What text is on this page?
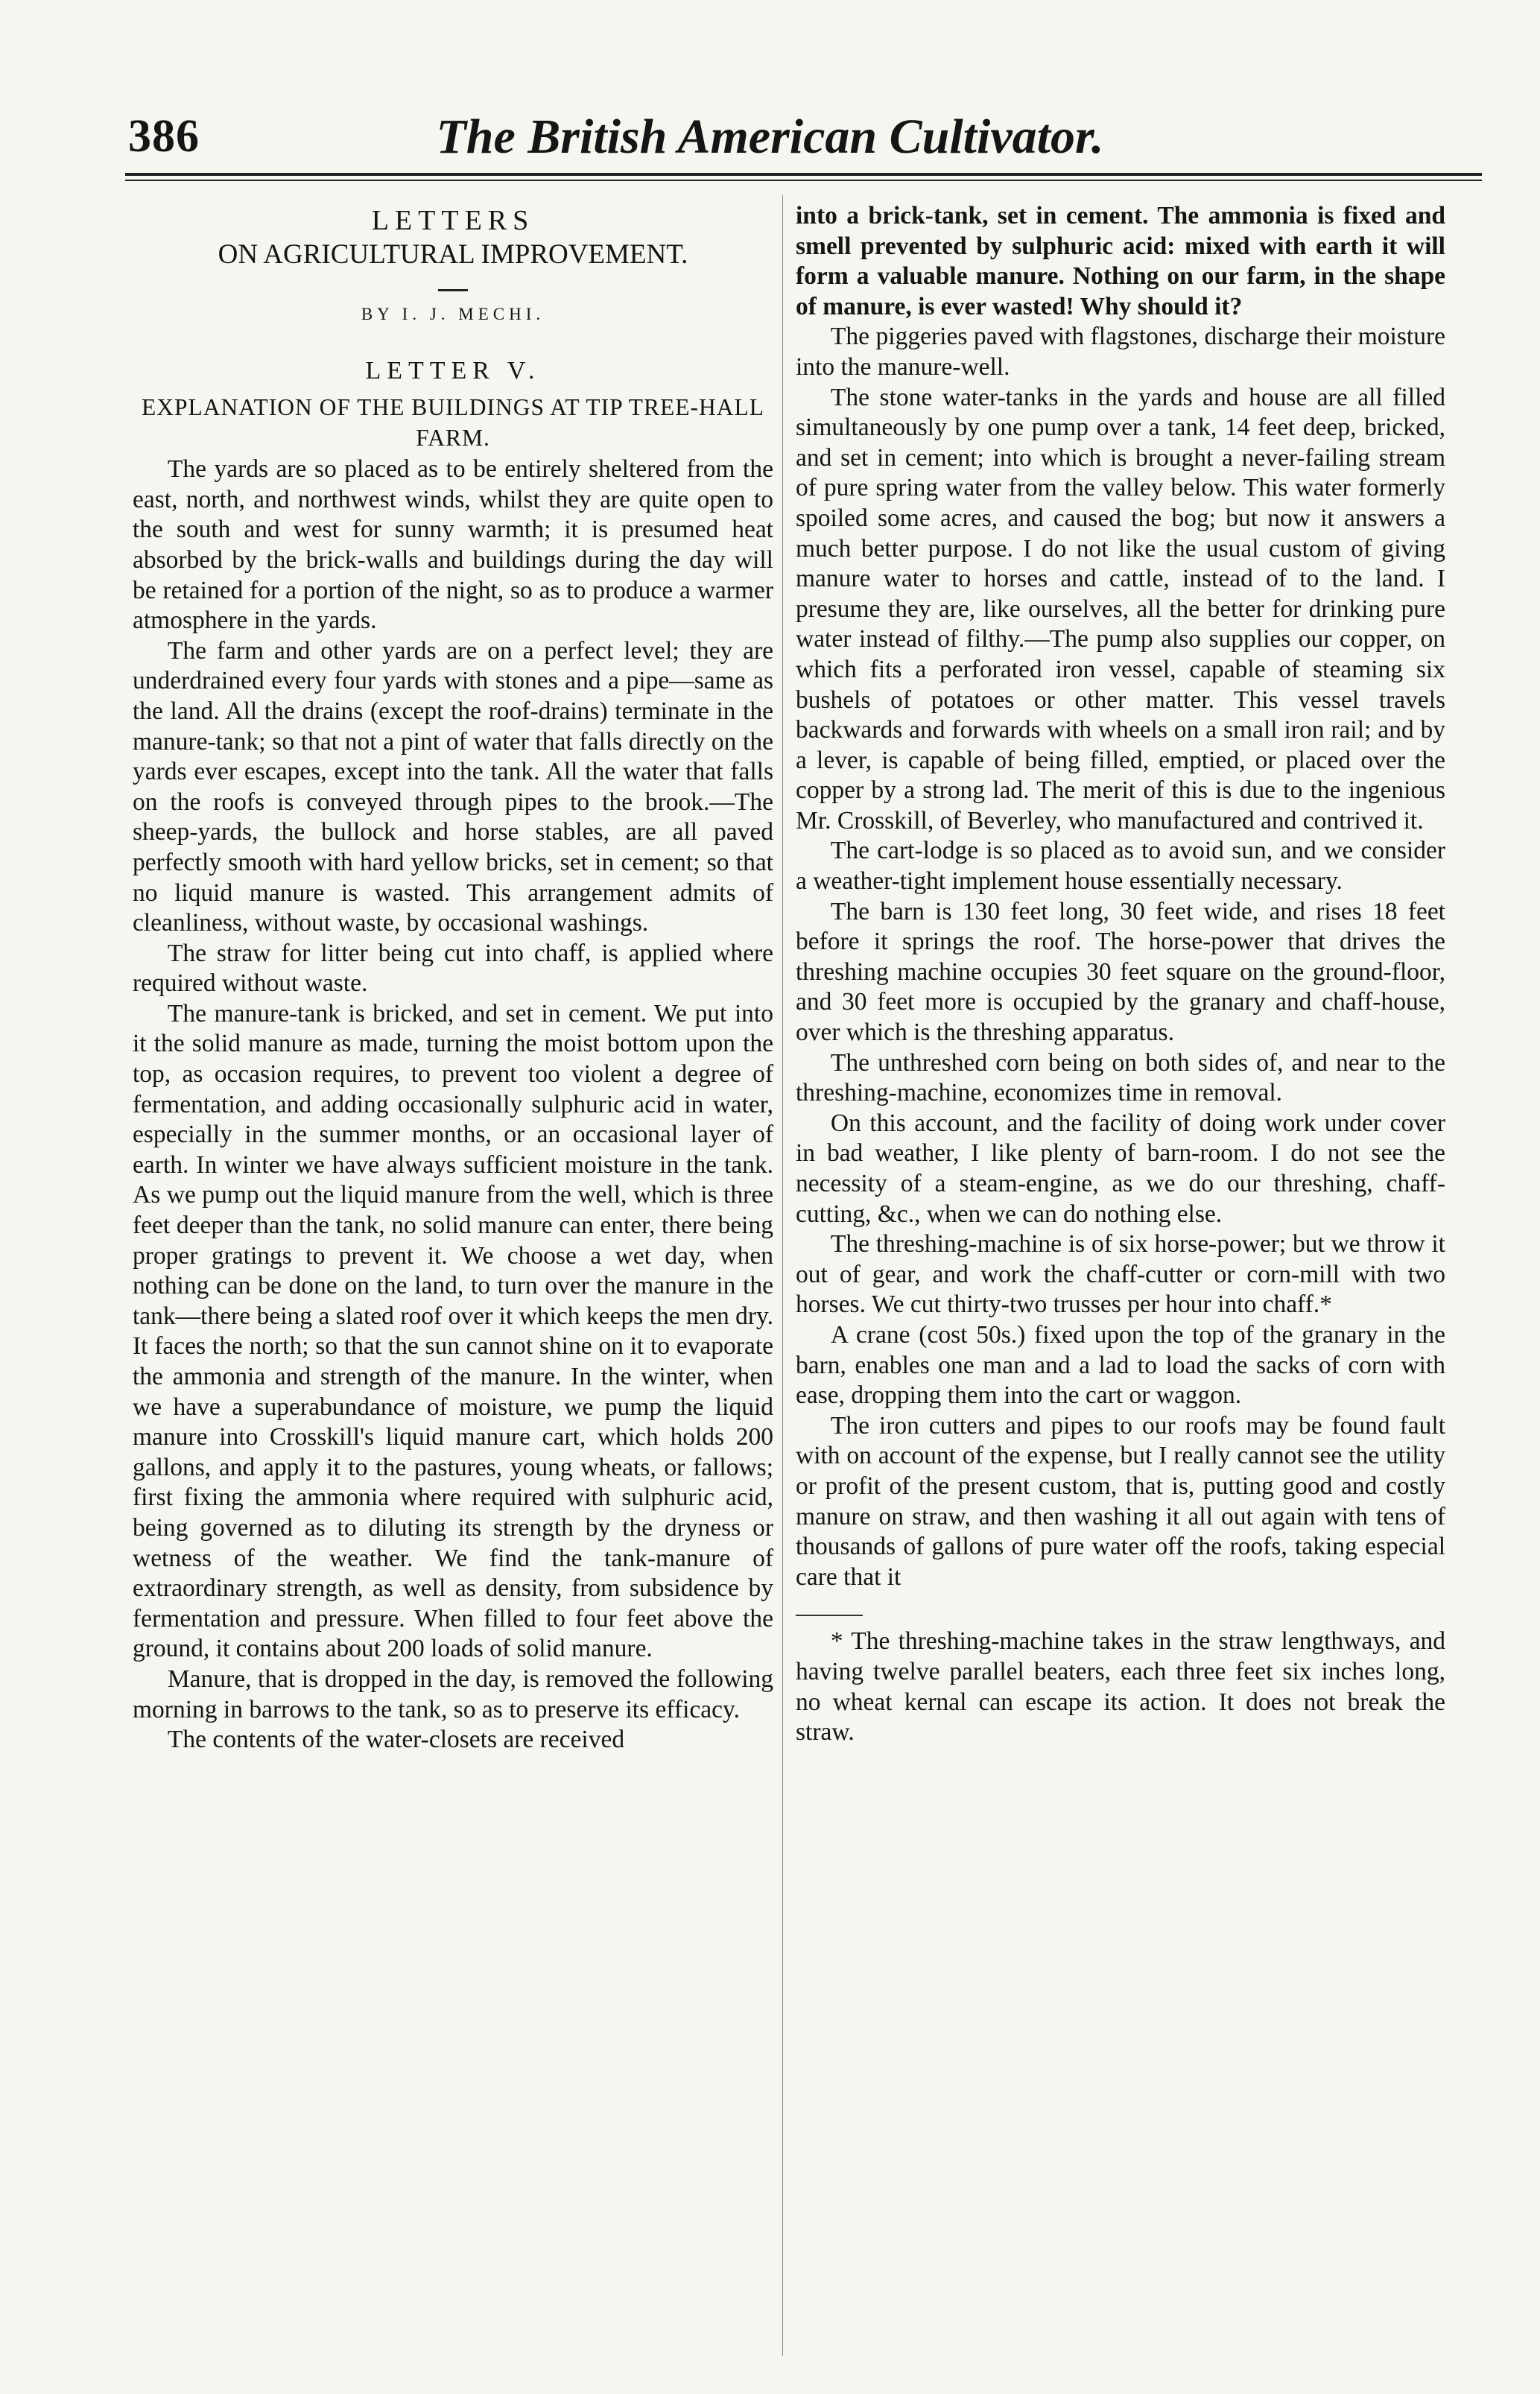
386	The British American Cultivator.
LETTERS
ON AGRICULTURAL IMPROVEMENT.
BY I. J. MECHI.
LETTER V.
EXPLANATION OF THE BUILDINGS AT TIP TREE-HALL FARM.

The yards are so placed as to be entirely sheltered from the east, north, and northwest winds, whilst they are quite open to the south and west for sunny warmth; it is presumed heat absorbed by the brick-walls and buildings during the day will be retained for a portion of the night, so as to produce a warmer atmosphere in the yards.

The farm and other yards are on a perfect level; they are underdrained every four yards with stones and a pipe—same as the land. All the drains (except the roof-drains) terminate in the manure-tank; so that not a pint of water that falls directly on the yards ever escapes, except into the tank. All the water that falls on the roofs is conveyed through pipes to the brook.—The sheep-yards, the bullock and horse stables, are all paved perfectly smooth with hard yellow bricks, set in cement; so that no liquid manure is wasted. This arrangement admits of cleanliness, without waste, by occasional washings.

The straw for litter being cut into chaff, is applied where required without waste.

The manure-tank is bricked, and set in cement. We put into it the solid manure as made, turning the moist bottom upon the top, as occasion requires, to prevent too violent a degree of fermentation, and adding occasionally sulphuric acid in water, especially in the summer months, or an occasional layer of earth. In winter we have always sufficient moisture in the tank. As we pump out the liquid manure from the well, which is three feet deeper than the tank, no solid manure can enter, there being proper gratings to prevent it. We choose a wet day, when nothing can be done on the land, to turn over the manure in the tank—there being a slated roof over it which keeps the men dry. It faces the north; so that the sun cannot shine on it to evaporate the ammonia and strength of the manure. In the winter, when we have a superabundance of moisture, we pump the liquid manure into Crosskill's liquid manure cart, which holds 200 gallons, and apply it to the pastures, young wheats, or fallows; first fixing the ammonia where required with sulphuric acid, being governed as to diluting its strength by the dryness or wetness of the weather. We find the tank-manure of extraordinary strength, as well as density, from subsidence by fermentation and pressure. When filled to four feet above the ground, it contains about 200 loads of solid manure.

Manure, that is dropped in the day, is removed the following morning in barrows to the tank, so as to preserve its efficacy.

The contents of the water-closets are received

into a brick-tank, set in cement. The ammonia is fixed and smell prevented by sulphuric acid: mixed with earth it will form a valuable manure. Nothing on our farm, in the shape of manure, is ever wasted! Why should it?

The piggeries paved with flagstones, discharge their moisture into the manure-well.

The stone water-tanks in the yards and house are all filled simultaneously by one pump over a tank, 14 feet deep, bricked, and set in cement; into which is brought a never-failing stream of pure spring water from the valley below. This water formerly spoiled some acres, and caused the bog; but now it answers a much better purpose. I do not like the usual custom of giving manure water to horses and cattle, instead of to the land. I presume they are, like ourselves, all the better for drinking pure water instead of filthy.—The pump also supplies our copper, on which fits a perforated iron vessel, capable of steaming six bushels of potatoes or other matter. This vessel travels backwards and forwards with wheels on a small iron rail; and by a lever, is capable of being filled, emptied, or placed over the copper by a strong lad. The merit of this is due to the ingenious Mr. Crosskill, of Beverley, who manufactured and contrived it.

The cart-lodge is so placed as to avoid sun, and we consider a weather-tight implement house essentially necessary.

The barn is 130 feet long, 30 feet wide, and rises 18 feet before it springs the roof. The horse-power that drives the threshing machine occupies 30 feet square on the ground-floor, and 30 feet more is occupied by the granary and chaff-house, over which is the threshing apparatus.

The unthreshed corn being on both sides of, and near to the threshing-machine, economizes time in removal.

On this account, and the facility of doing work under cover in bad weather, I like plenty of barn-room. I do not see the necessity of a steam-engine, as we do our threshing, chaff-cutting, &c., when we can do nothing else.

The threshing-machine is of six horse-power; but we throw it out of gear, and work the chaff-cutter or corn-mill with two horses. We cut thirty-two trusses per hour into chaff.*

A crane (cost 50s.) fixed upon the top of the granary in the barn, enables one man and a lad to load the sacks of corn with ease, dropping them into the cart or waggon.

The iron cutters and pipes to our roofs may be found fault with on account of the expense, but I really cannot see the utility or profit of the present custom, that is, putting good and costly manure on straw, and then washing it all out again with tens of thousands of gallons of pure water off the roofs, taking especial care that it

* The threshing-machine takes in the straw lengthways, and having twelve parallel beaters, each three feet six inches long, no wheat kernal can escape its action. It does not break the straw.
